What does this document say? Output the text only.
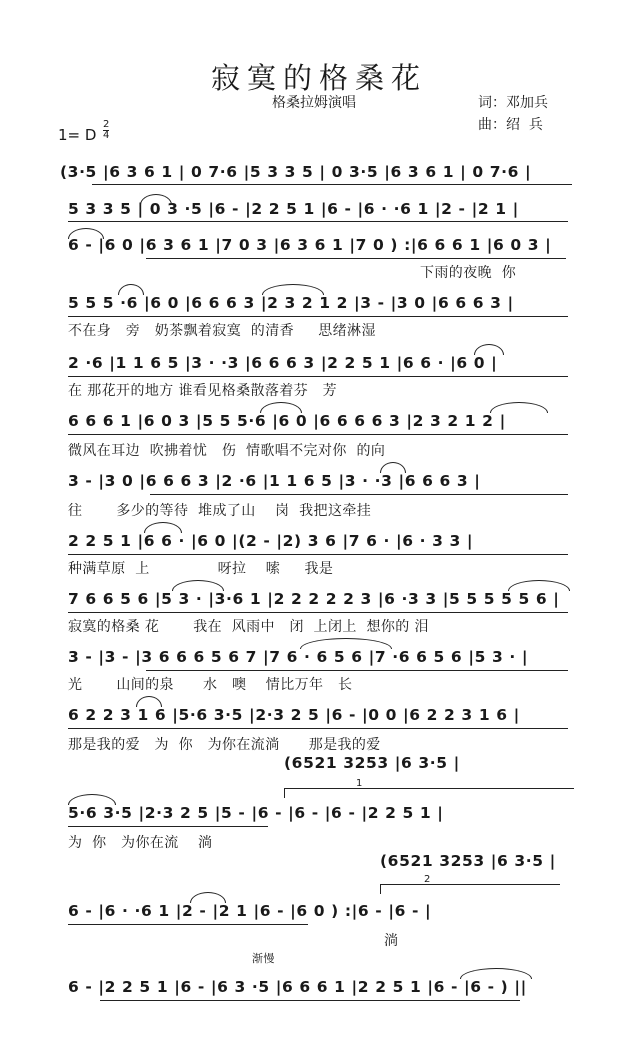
寂寞的格桑花
格桑拉姆演唱	词：邓加兵
曲：绍  兵
1= D $\frac{2}{4}$
(3·5 |6 3 6 1 | 0 7·6 |5 3 3 5 | 0 3·5 |6 3 6 1 | 0 7·6 |
5 3 3 5 | 0 3 ·5 |6 - |2 2 5 1 |6 - |6 · ·6 1 |2 - |2 1 |
6 - |6 0 |6 3 6 1 |7 0 3 |6 3 6 1 |7 0 ) :|6 6 6 1 |6 0 3 |
下雨的夜晚  你
5 5 5 ·6 |6 0 |6 6 6 3 |2 3 2 1 2 |3 - |3 0 |6 6 6 3 |
不在身   旁   奶茶飘着寂寞  的清香     思绪淋湿
2 ·6 |1 1 6 5 |3 · ·3 |6 6 6 3 |2 2 5 1 |6 6 · |6 0 |
在 那花开的地方 谁看见格桑散落着芬   芳
6 6 6 1 |6 0 3 |5 5 5·6 |6 0 |6 6 6 6 3 |2 3 2 1 2 |
微风在耳边  吹拂着忧   伤  情歌唱不完对你  的向
3 - |3 0 |6 6 6 3 |2 ·6 |1 1 6 5 |3 · ·3 |6 6 6 3 |
往       多少的等待  堆成了山    岗  我把这牵挂
2 2 5 1 |6 6 · |6 0 |(2 - |2) 3 6 |7 6 · |6 · 3 3 |
种满草原  上              呀拉    嗦     我是
7 6 6 5 6 |5 3 · |3·6 1 |2 2 2 2 2 3 |6 ·3 3 |5 5 5 5 5 6 |
寂寞的格桑 花       我在  风雨中   闭  上闭上  想你的 泪
3 - |3 - |3 6 6 6 5 6 7 |7 6 · 6 5 6 |7 ·6 6 5 6 |5 3 · |
光       山间的泉      水   噢    情比万年   长
6 2 2 3 1 6 |5·6 3·5 |2·3 2 5 |6 - |0 0 |6 2 2 3 1 6 |
那是我的爱   为  你   为你在流淌      那是我的爱
(6521 3253 |6 3·5 |
1
5·6 3·5 |2·3 2 5 |5 - |6 - |6 - |6 - |2 2 5 1 |
为  你   为你在流    淌
(6521 3253 |6 3·5 |
2
6 - |6 · ·6 1 |2 - |2 1 |6 - |6 0 ) :|6 - |6 - |
淌
渐慢
6 - |2 2 5 1 |6 - |6 3 ·5 |6 6 6 1 |2 2 5 1 |6 - |6 - ) ||
